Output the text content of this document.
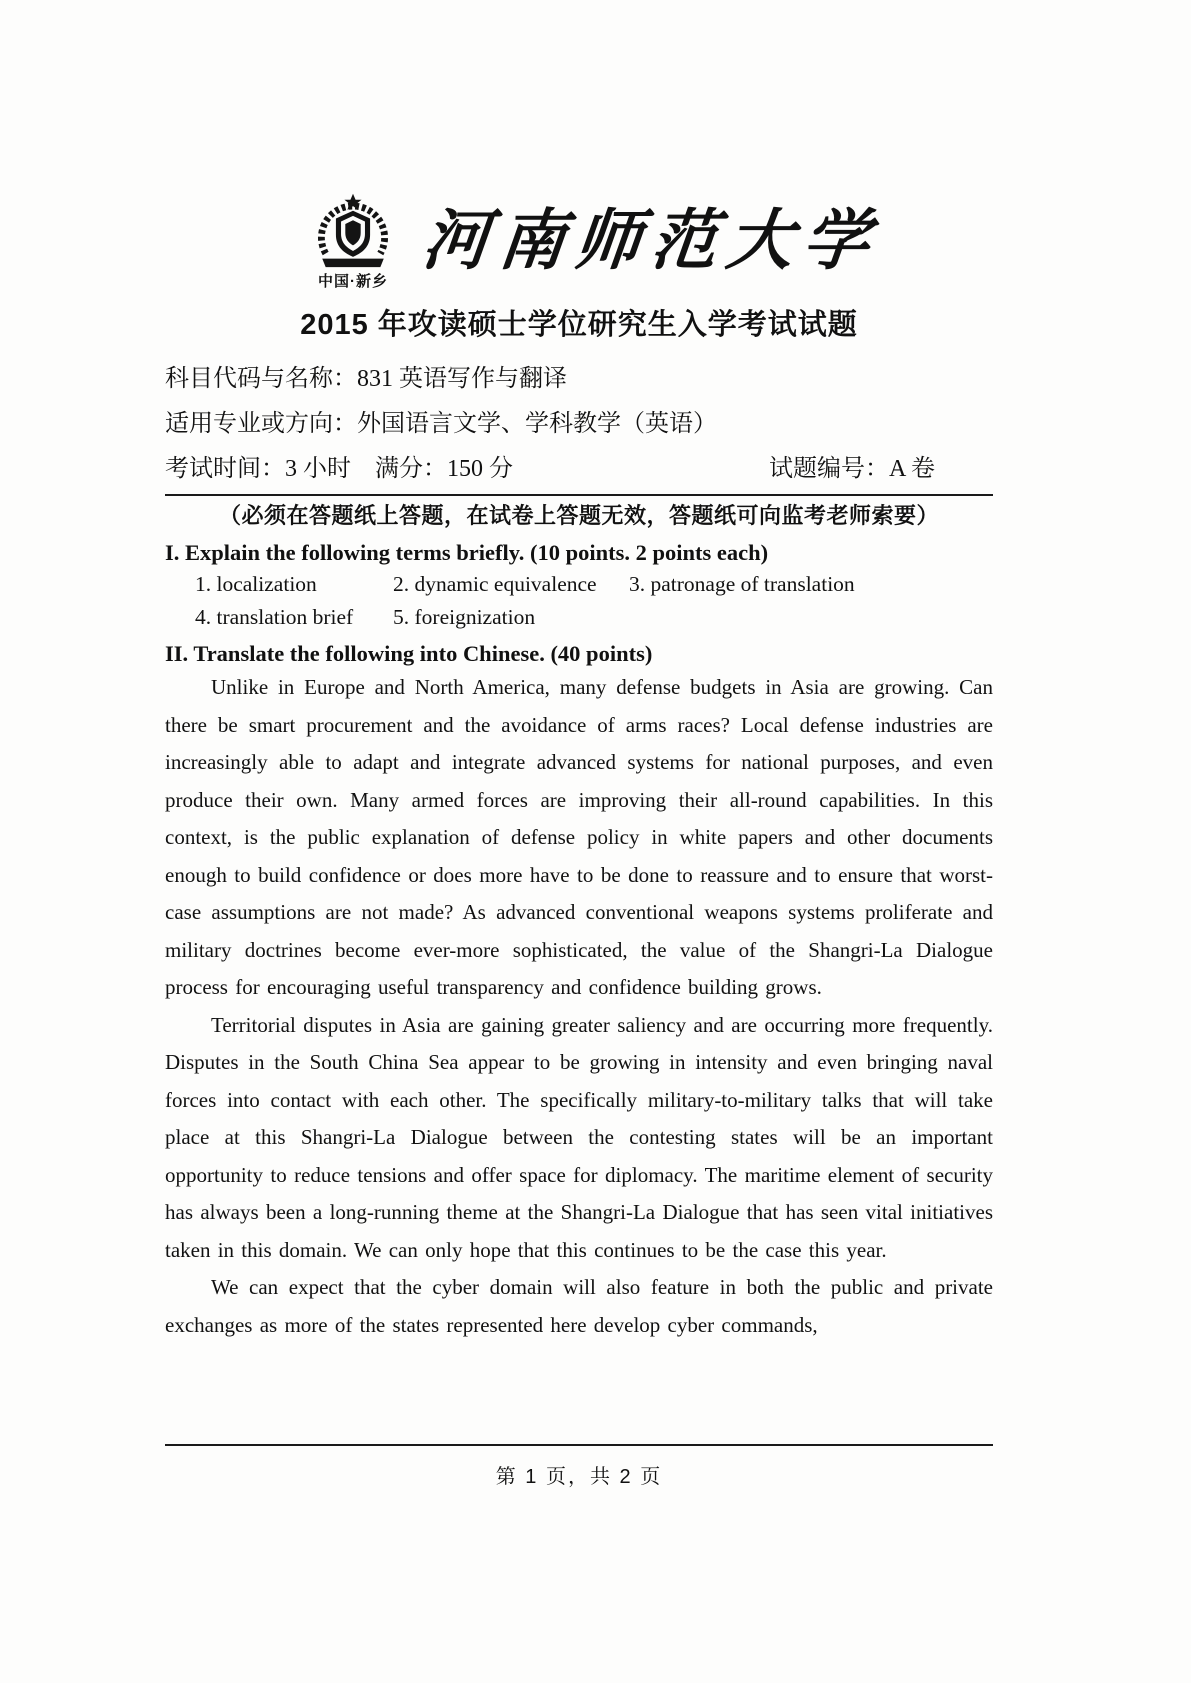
中国·新乡
河南师范大学
2015 年攻读硕士学位研究生入学考试试题
科目代码与名称：831 英语写作与翻译
适用专业或方向：外国语言文学、学科教学（英语）
考试时间：3 小时　满分：150 分	试题编号：A 卷
（必须在答题纸上答题，在试卷上答题无效，答题纸可向监考老师索要）
I. Explain the following terms briefly. (10 points. 2 points each)
1. localization	2. dynamic equivalence	3. patronage of translation
4. translation brief	5. foreignization
II. Translate the following into Chinese. (40 points)

Unlike in Europe and North America, many defense budgets in Asia are growing. Can there be smart procurement and the avoidance of arms races? Local defense industries are increasingly able to adapt and integrate advanced systems for national purposes, and even produce their own. Many armed forces are improving their all-round capabilities. In this context, is the public explanation of defense policy in white papers and other documents enough to build confidence or does more have to be done to reassure and to ensure that worst-case assumptions are not made? As advanced conventional weapons systems proliferate and military doctrines become ever-more sophisticated, the value of the Shangri-La Dialogue process for encouraging useful transparency and confidence building grows.

Territorial disputes in Asia are gaining greater saliency and are occurring more frequently. Disputes in the South China Sea appear to be growing in intensity and even bringing naval forces into contact with each other. The specifically military-to-military talks that will take place at this Shangri-La Dialogue between the contesting states will be an important opportunity to reduce tensions and offer space for diplomacy. The maritime element of security has always been a long-running theme at the Shangri-La Dialogue that has seen vital initiatives taken in this domain. We can only hope that this continues to be the case this year.

We can expect that the cyber domain will also feature in both the public and private exchanges as more of the states represented here develop cyber commands,

第 1 页，共 2 页
